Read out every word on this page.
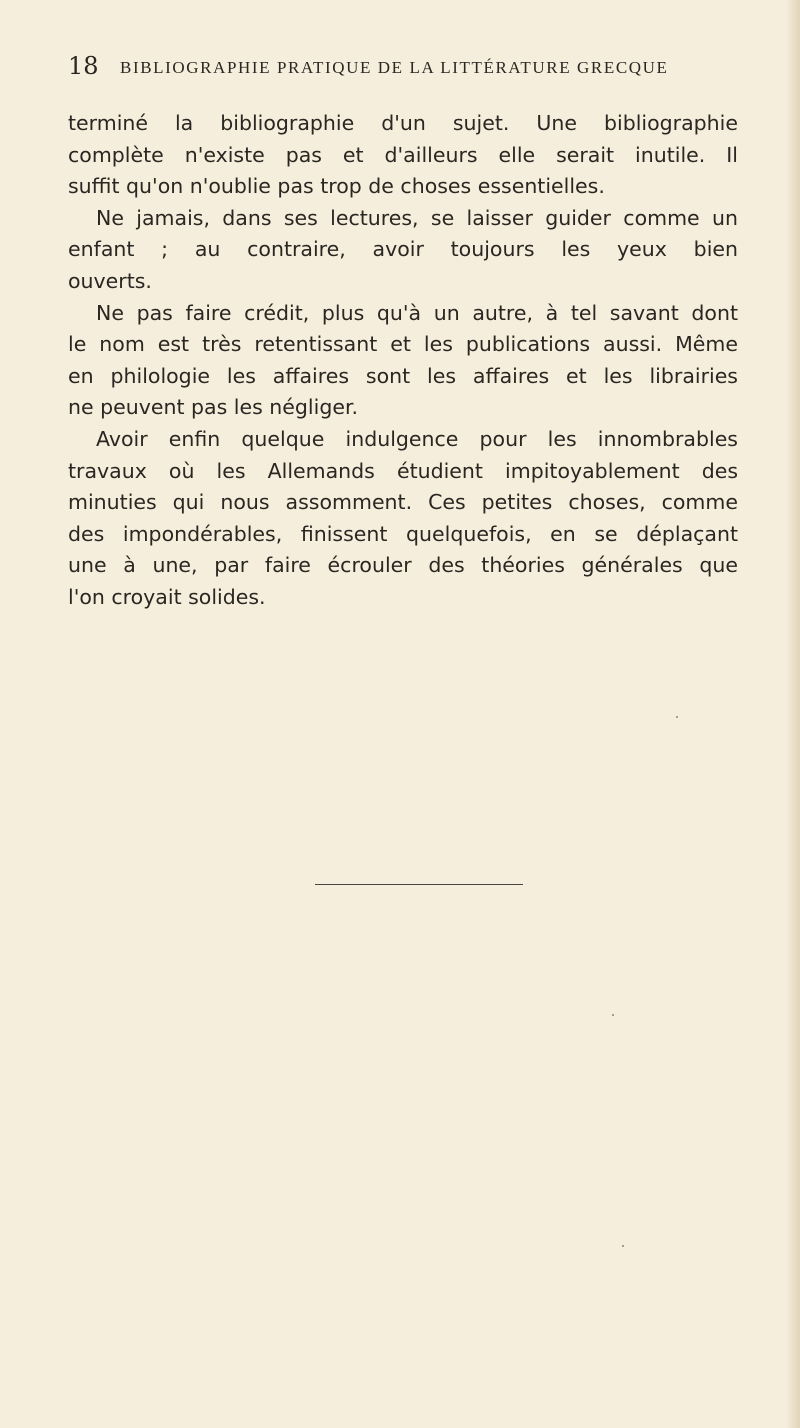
18 BIBLIOGRAPHIE PRATIQUE DE LA LITTÉRATURE GRECQUE
terminé la bibliographie d'un sujet. Une bibliographie
complète n'existe pas et d'ailleurs elle serait inutile. Il
suffit qu'on n'oublie pas trop de choses essentielles.
Ne jamais, dans ses lectures, se laisser guider comme un
enfant ; au contraire, avoir toujours les yeux bien
ouverts.
Ne pas faire crédit, plus qu'à un autre, à tel savant dont
le nom est très retentissant et les publications aussi. Même
en philologie les affaires sont les affaires et les librairies
ne peuvent pas les négliger.
Avoir enfin quelque indulgence pour les innombrables
travaux où les Allemands étudient impitoyablement des
minuties qui nous assomment. Ces petites choses, comme
des impondérables, finissent quelquefois, en se déplaçant
une à une, par faire écrouler des théories générales que
l'on croyait solides.
